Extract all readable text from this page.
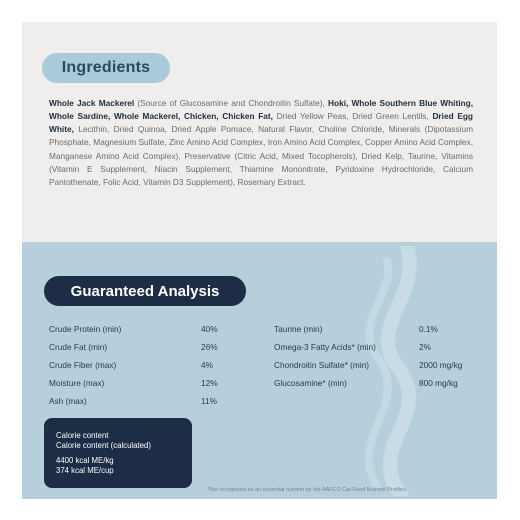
Ingredients
Whole Jack Mackerel (Source of Glucosamine and Chondroitin Sulfate), Hoki, Whole Southern Blue Whiting, Whole Sardine, Whole Mackerel, Chicken, Chicken Fat, Dried Yellow Peas, Dried Green Lentils, Dried Egg White, Lecithin, Dried Quinoa, Dried Apple Pomace, Natural Flavor, Choline Chloride, Minerals (Dipotassium Phosphate, Magnesium Sulfate, Zinc Amino Acid Complex, Iron Amino Acid Complex, Copper Amino Acid Complex, Manganese Amino Acid Complex), Preservative (Citric Acid, Mixed Tocopherols), Dried Kelp, Taurine, Vitamins (Vitamin E Supplement, Niacin Supplement, Thiamine Mononitrate, Pyridoxine Hydrochloride, Calcium Pantothenate, Folic Acid, Vitamin D3 Supplement), Rosemary Extract.
Guaranteed Analysis
Crude Protein (min)	40%
Crude Fat (min)	26%
Crude Fiber (max)	4%
Moisture (max)	12%
Ash (max)	11%
Taurine (min)	0.1%
Omega-3 Fatty Acids* (min)	2%
Chondroitin Sulfate* (min)	2000 mg/kg
Glucosamine* (min)	800 mg/kg
Calorie content
Calorie content (calculated)
4400 kcal ME/kg
374 kcal ME/cup
*Not recognized as an essential nutrient by the AAFCO Cat Food Nutrient Profiles
